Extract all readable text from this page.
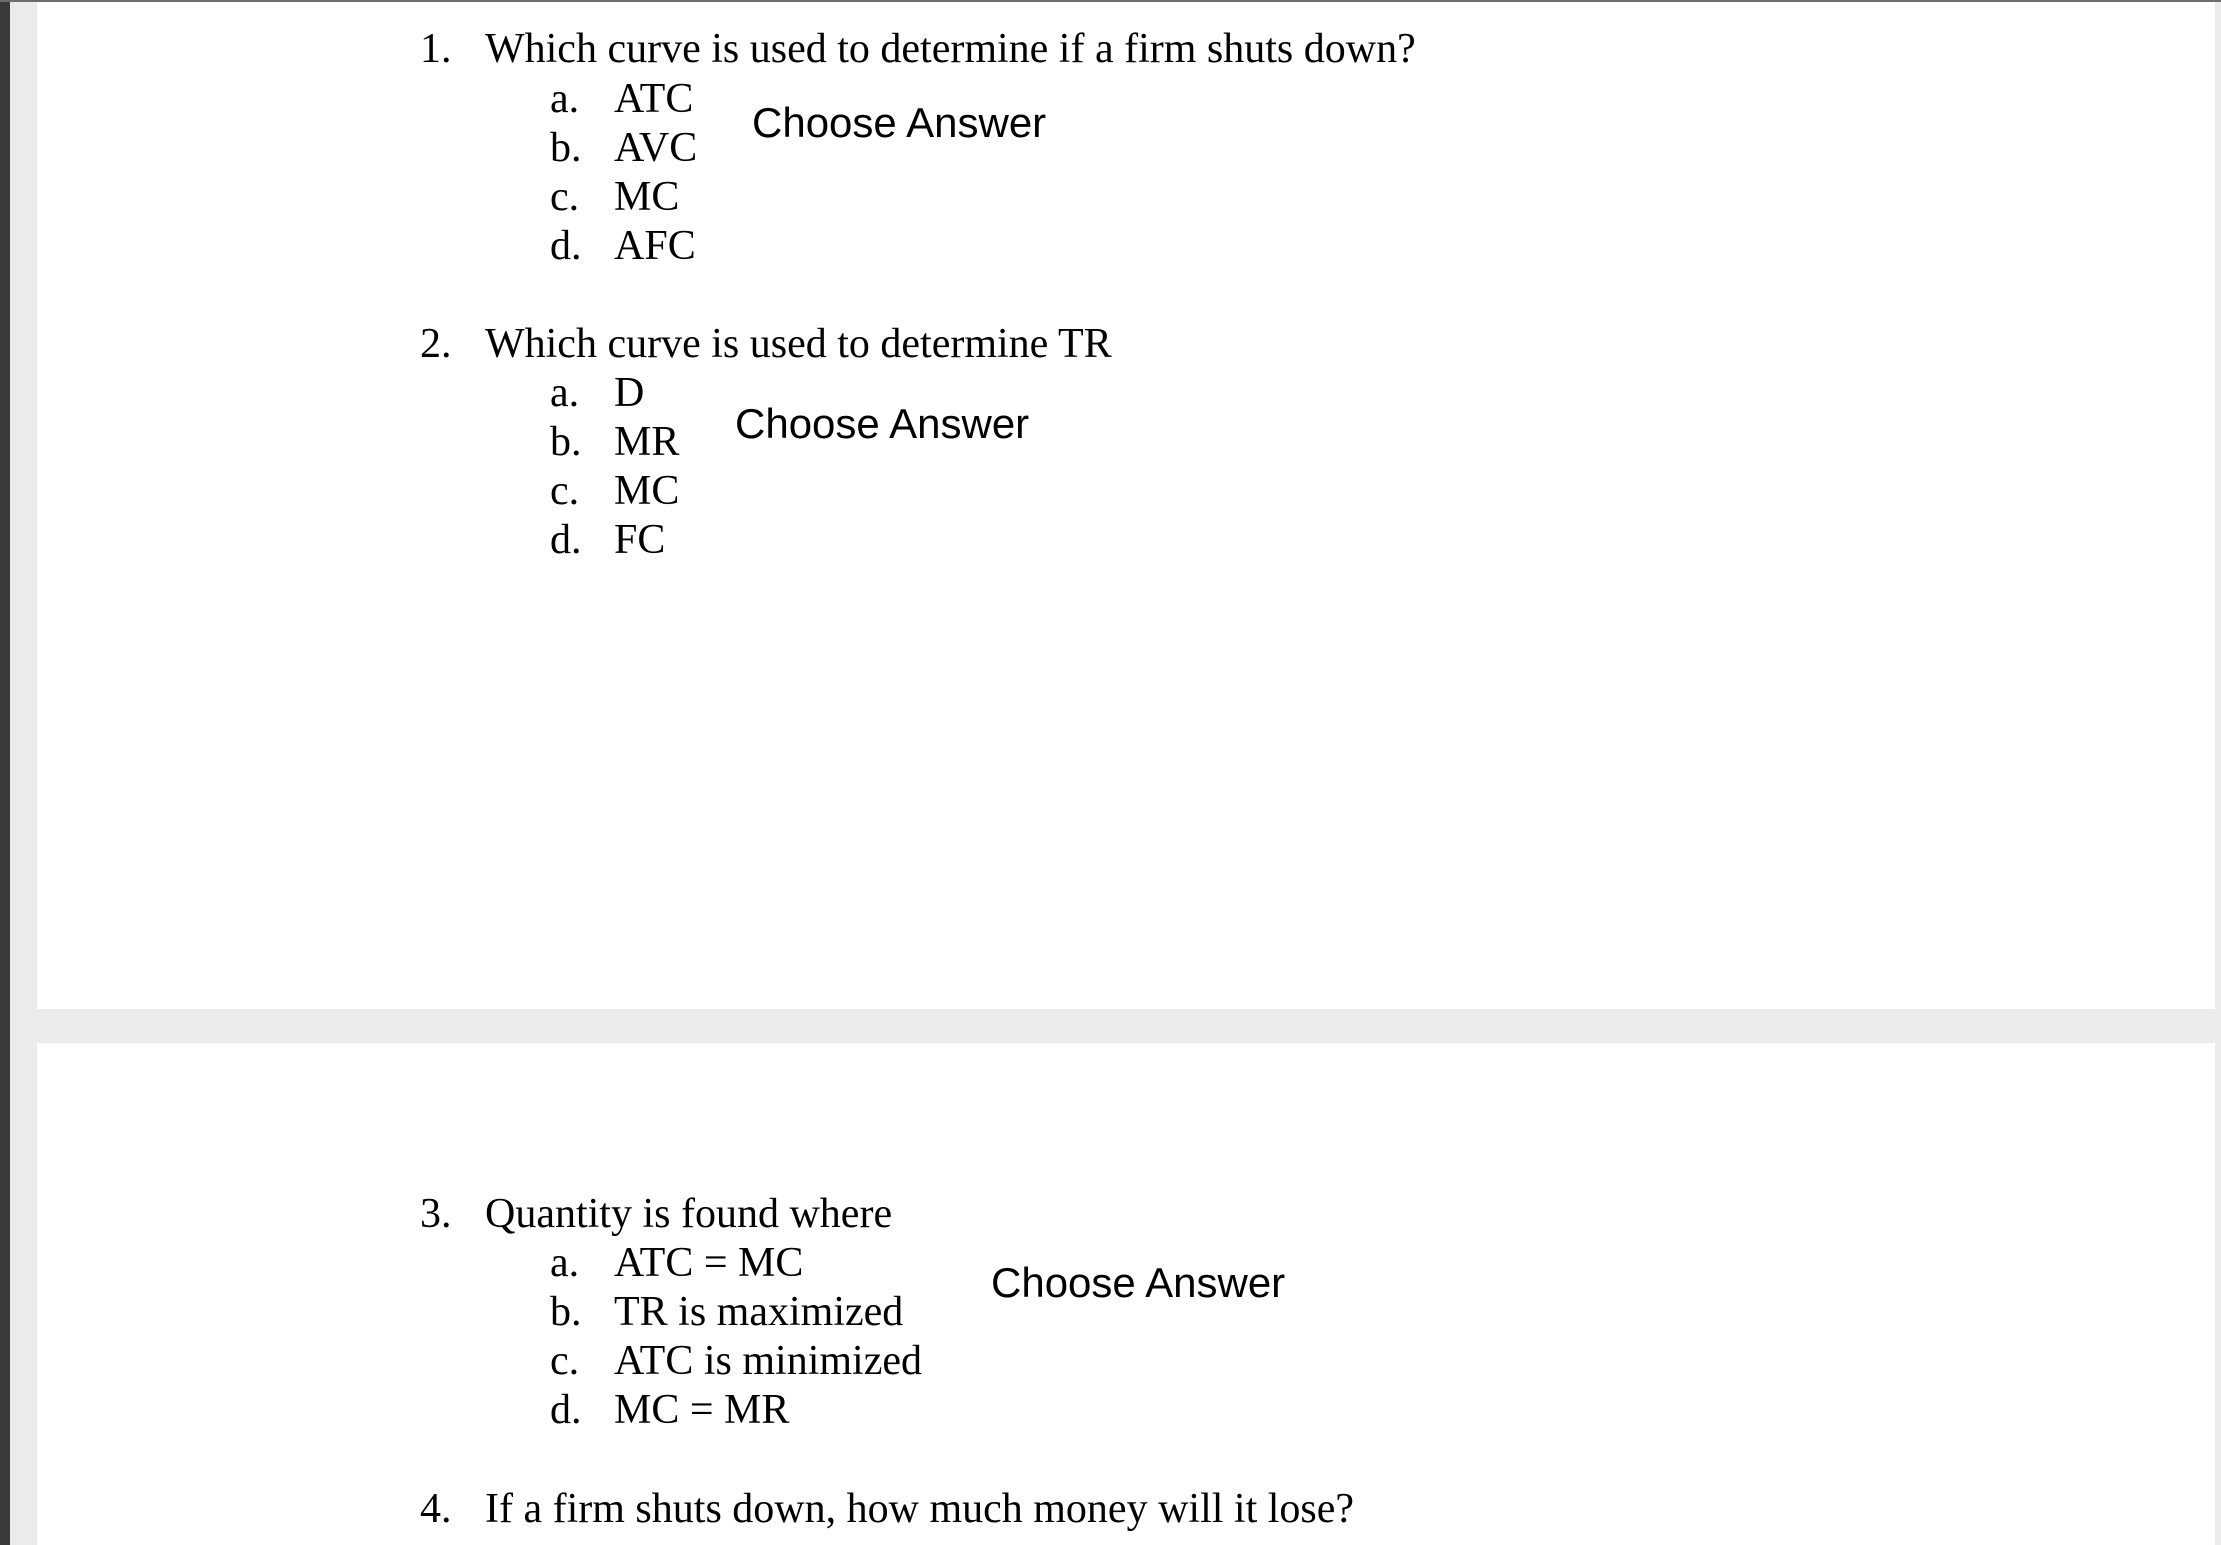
1. Which curve is used to determine if a firm shuts down?
a. ATC
b. AVC
c. MC
d. AFC
Choose Answer
2. Which curve is used to determine TR
a. D
b. MR
c. MC
d. FC
Choose Answer
3. Quantity is found where
a. ATC = MC
b. TR is maximized
c. ATC is minimized
d. MC = MR
Choose Answer
4. If a firm shuts down, how much money will it lose?
